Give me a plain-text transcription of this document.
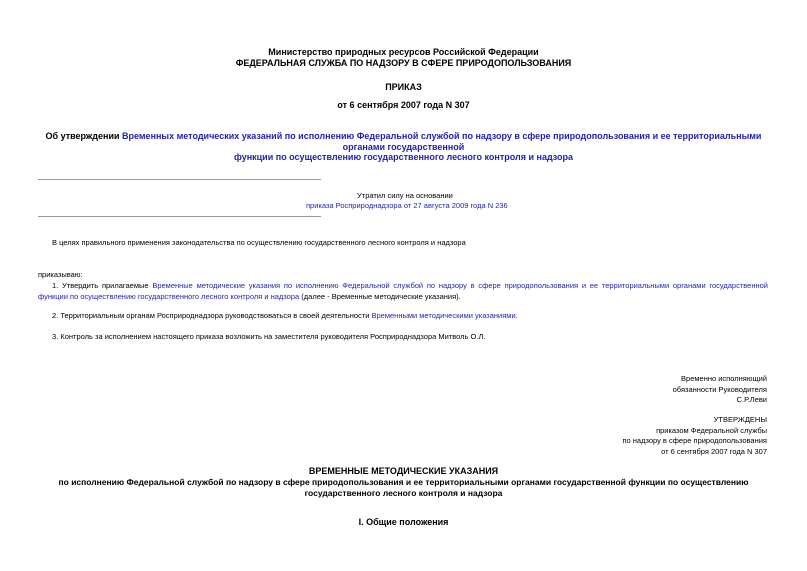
Министерство природных ресурсов Российской Федерации
ФЕДЕРАЛЬНАЯ СЛУЖБА ПО НАДЗОРУ В СФЕРЕ ПРИРОДОПОЛЬЗОВАНИЯ
ПРИКАЗ
от 6 сентября 2007 года N 307
Об утверждении Временных методических указаний по исполнению Федеральной службой по надзору в сфере природопользования и ее территориальными
органами государственной
функции по осуществлению государственного лесного контроля и надзора
Утратил силу на основании
приказа Росприроднадзора от 27 августа 2009 года N 236
В целях правильного применения законодательства по осуществлению государственного лесного контроля и надзора
приказываю:
1. Утвердить прилагаемые Временные методические указания по исполнению Федеральной службой по надзору в сфере природопользования и ее территориальными органами государственной функции по осуществлению государственного лесного контроля и надзора (далее - Временные методические указания).
2. Территориальным органам Росприроднадзора руководствоваться в своей деятельности Временными методическими указаниями.
3. Контроль за исполнением настоящего приказа возложить на заместителя руководителя Росприроднадзора Митволь О.Л.
Временно исполняющий
обязанности Руководителя
С.Р.Леви
УТВЕРЖДЕНЫ
приказом Федеральной службы
по надзору в сфере природопользования
от 6 сентября 2007 года N 307
ВРЕМЕННЫЕ МЕТОДИЧЕСКИЕ УКАЗАНИЯ
по исполнению Федеральной службой по надзору в сфере природопользования и ее территориальными органами государственной функции по осуществлению
государственного лесного контроля и надзора
I. Общие положения
